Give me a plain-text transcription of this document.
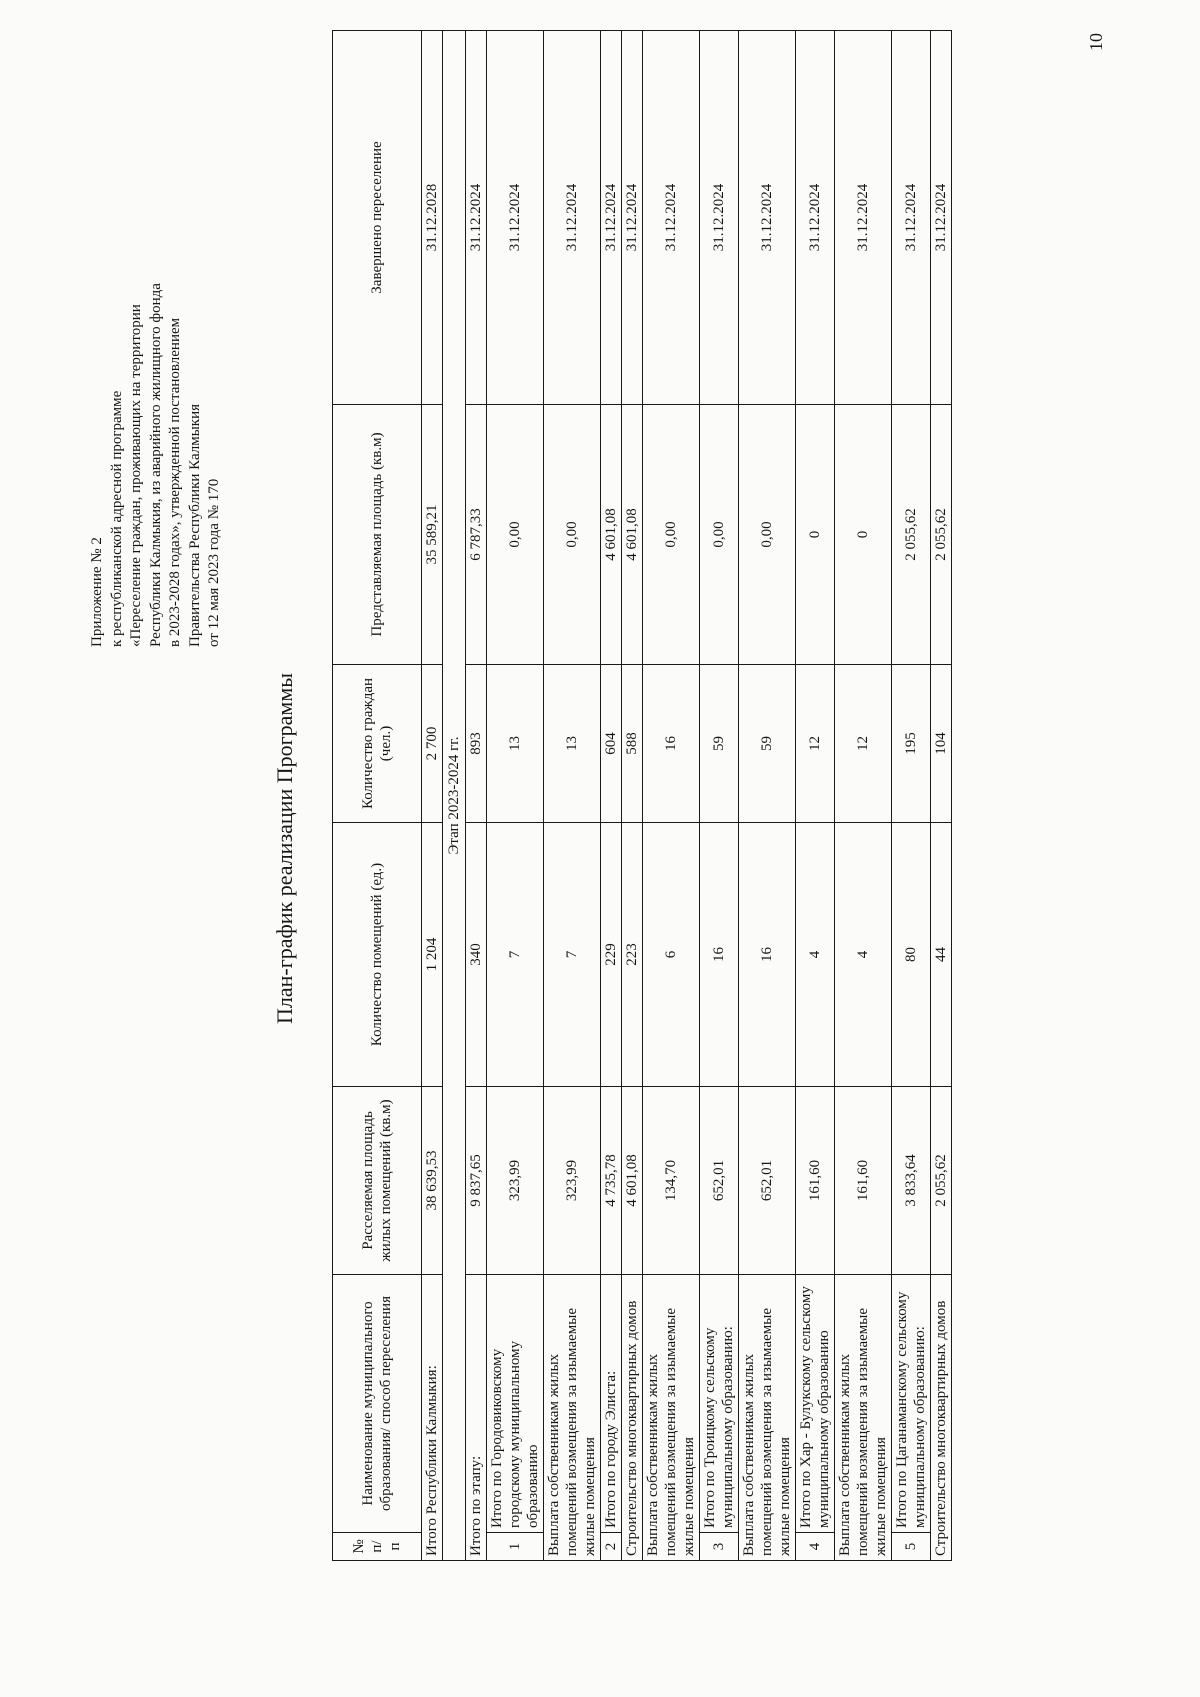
Приложение № 2 к республиканской адресной программе «Переселение граждан, проживающих на территории Республики Калмыкия, из аварийного жилищного фонда в 2023-2028 годах», утвержденной постановлением Правительства Республики Калмыкия от 12 мая 2023 года № 170
План-график реализации Программы
10
№ п/п	Наименование муниципального образования/ способ переселения	Расселяемая площадь жилых помещений (кв.м)	Количество помещений (ед.)	Количество граждан (чел.)	Представляемая площадь (кв.м)	Завершено переселение
Итого Республики Калмыкия:		38 639,53	1 204	2 700	35 589,21	31.12.2028
Этап 2023-2024 гг.						
Итого по этапу:		9 837,65	340	893	6 787,33	31.12.2024
1	Итого по Городовиковскому городскому муниципальному образованию	323,99	7	13	0,00	31.12.2024
Выплата собственникам жилых помещений возмещения за изымаемые жилые помещения		323,99	7	13	0,00	31.12.2024
2	Итого по городу Элиста:	4 735,78	229	604	4 601,08	31.12.2024
Строительство многоквартирных домов		4 601,08	223	588	4 601,08	31.12.2024
Выплата собственникам жилых помещений возмещения за изымаемые жилые помещения		134,70	6	16	0,00	31.12.2024
3	Итого по Троицкому сельскому муниципальному образованию:	652,01	16	59	0,00	31.12.2024
Выплата собственникам жилых помещений возмещения за изымаемые жилые помещения		652,01	16	59	0,00	31.12.2024
4	Итого по Хар - Булукскому сельскому муниципальному образованию	161,60	4	12	0	31.12.2024
Выплата собственникам жилых помещений возмещения за изымаемые жилые помещения		161,60	4	12	0	31.12.2024
5	Итого по Цаганаманскому сельскому муниципальному образованию:	3 833,64	80	195	2 055,62	31.12.2024
Строительство многоквартирных домов		2 055,62	44	104	2 055,62	31.12.2024
